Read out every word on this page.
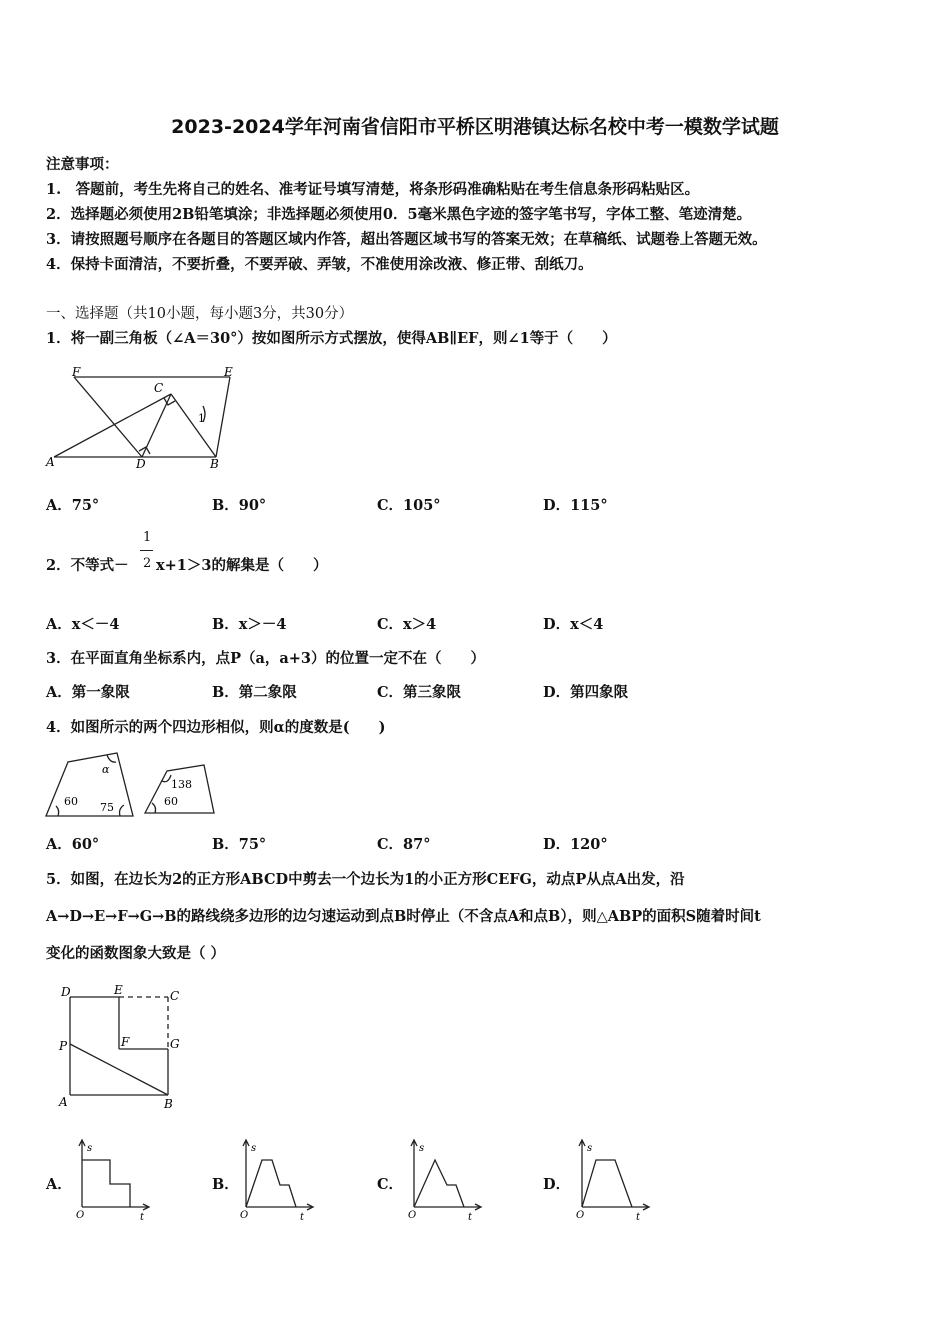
2023-2024学年河南省信阳市平桥区明港镇达标名校中考一模数学试题
注意事项：
1.　答题前，考生先将自己的姓名、准考证号填写清楚，将条形码准确粘贴在考生信息条形码粘贴区。
2．选择题必须使用2B铅笔填涂；非选择题必须使用0．5毫米黑色字迹的签字笔书写，字体工整、笔迹清楚。
3．请按照题号顺序在各题目的答题区域内作答，超出答题区域书写的答案无效；在草稿纸、试题卷上答题无效。
4．保持卡面清洁，不要折叠，不要弄破、弄皱，不准使用涂改液、修正带、刮纸刀。
一、选择题（共10小题，每小题3分，共30分）
1．将一副三角板（∠A＝30°）按如图所示方式摆放，使得AB∥EF，则∠1等于（　　）
F	E
C
1
A	D	B
A．75°	B．90°	C．105°	D．115°
2．不等式－
1
2 x+1＞3的解集是（　　）
A．x＜－4	B．x＞－4	C．x＞4	D．x＜4
3．在平面直角坐标系内，点P（a，a+3）的位置一定不在（　　）
A．第一象限	B．第二象限	C．第三象限	D．第四象限
4．如图所示的两个四边形相似，则α的度数是(　　)
α
60 75
138
60
A．60°	B．75°	C．87°	D．120°
5．如图，在边长为2的正方形ABCD中剪去一个边长为1的小正方形CEFG，动点P从点A出发，沿
A→D→E→F→G→B的路线绕多边形的边匀速运动到点B时停止（不含点A和点B），则△ABP的面积S随着时间t
变化的函数图象大致是（ ）
D	E	C
P	F	G
A	B
A．
s
O	t
B．
s
O	t
C．
s
O	t
D．
s
O	t
